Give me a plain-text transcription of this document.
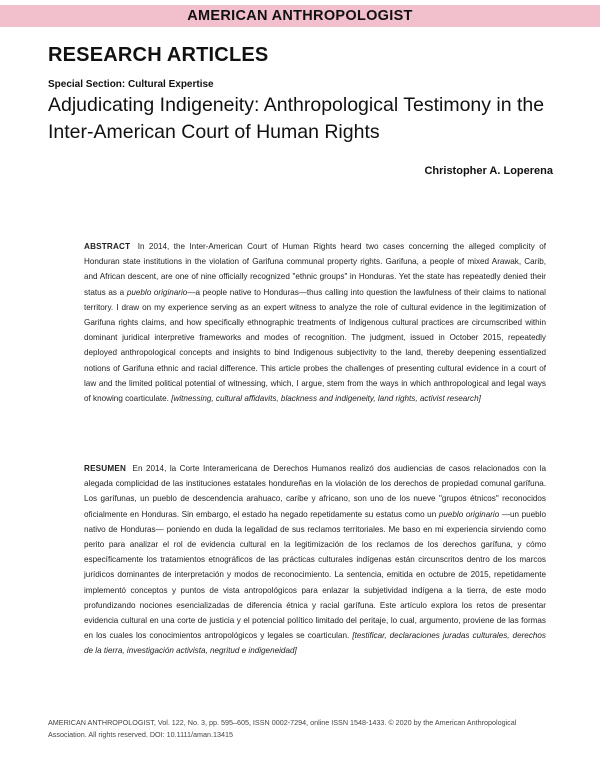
AMERICAN ANTHROPOLOGIST
RESEARCH ARTICLES
Special Section: Cultural Expertise
Adjudicating Indigeneity: Anthropological Testimony in the Inter-American Court of Human Rights
Christopher A. Loperena
ABSTRACT In 2014, the Inter-American Court of Human Rights heard two cases concerning the alleged complicity of Honduran state institutions in the violation of Garifuna communal property rights. Garifuna, a people of mixed Arawak, Carib, and African descent, are one of nine officially recognized "ethnic groups" in Honduras. Yet the state has repeatedly denied their status as a pueblo originario—a people native to Honduras—thus calling into question the lawfulness of their claims to national territory. I draw on my experience serving as an expert witness to analyze the role of cultural evidence in the legitimization of Garifuna rights claims, and how specifically ethnographic treatments of Indigenous cultural practices are circumscribed within dominant juridical interpretive frameworks and modes of recognition. The judgment, issued in October 2015, repeatedly deployed anthropological concepts and insights to bind Indigenous subjectivity to the land, thereby deepening essentialized notions of Garifuna ethnic and racial difference. This article probes the challenges of presenting cultural evidence in a court of law and the limited political potential of witnessing, which, I argue, stem from the ways in which anthropological and legal ways of knowing coarticulate. [witnessing, cultural affidavits, blackness and indigeneity, land rights, activist research]
RESUMEN En 2014, la Corte Interamericana de Derechos Humanos realizó dos audiencias de casos relacionados con la alegada complicidad de las instituciones estatales hondureñas en la violación de los derechos de propiedad comunal garífuna. Los garífunas, un pueblo de descendencia arahuaco, caribe y africano, son uno de los nueve "grupos étnicos" reconocidos oficialmente en Honduras. Sin embargo, el estado ha negado repetidamente su estatus como un pueblo originario —un pueblo nativo de Honduras— poniendo en duda la legalidad de sus reclamos territoriales. Me baso en mi experiencia sirviendo como perito para analizar el rol de evidencia cultural en la legitimización de los reclamos de los derechos garífuna, y cómo específicamente los tratamientos etnográficos de las prácticas culturales indígenas están circunscritos dentro de los marcos jurídicos dominantes de interpretación y modos de reconocimiento. La sentencia, emitida en octubre de 2015, repetidamente implementó conceptos y puntos de vista antropológicos para enlazar la subjetividad indígena a la tierra, de este modo profundizando nociones esencializadas de diferencia étnica y racial garífuna. Este artículo explora los retos de presentar evidencia cultural en una corte de justicia y el potencial político limitado del peritaje, lo cual, argumento, proviene de las formas en los cuales los conocimientos antropológicos y legales se coarticulan. [testificar, declaraciones juradas culturales, derechos de la tierra, investigación activista, negritud e indigeneidad]
AMERICAN ANTHROPOLOGIST, Vol. 122, No. 3, pp. 595–605, ISSN 0002-7294, online ISSN 1548-1433. © 2020 by the American Anthropological Association. All rights reserved. DOI: 10.1111/aman.13415
